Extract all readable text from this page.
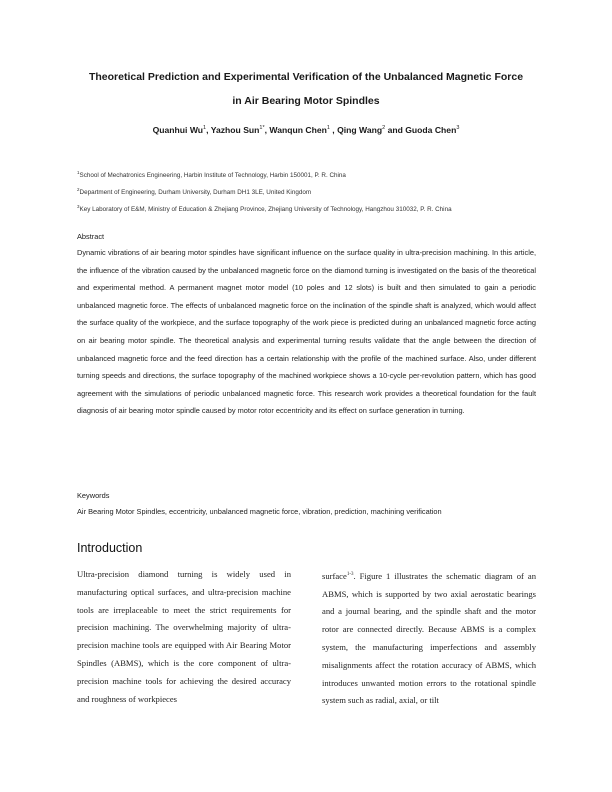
Theoretical Prediction and Experimental Verification of the Unbalanced Magnetic Force
in Air Bearing Motor Spindles
Quanhui Wu$^1$, Yazhou Sun$^{1*}$, Wanqun Chen$^1$ , Qing Wang$^2$ and Guoda Chen$^3$
$^1$School of Mechatronics Engineering, Harbin Institute of Technology, Harbin 150001, P. R. China
$^2$Department of Engineering, Durham University, Durham DH1 3LE, United Kingdom
$^3$Key Laboratory of E&M, Ministry of Education & Zhejiang Province, Zhejiang University of Technology, Hangzhou 310032, P. R. China
Abstract

Dynamic vibrations of air bearing motor spindles have significant influence on the surface quality in ultra-precision machining. In this article, the influence of the vibration caused by the unbalanced magnetic force on the diamond turning is investigated on the basis of the theoretical and experimental method. A permanent magnet motor model (10 poles and 12 slots) is built and then simulated to gain a periodic unbalanced magnetic force. The effects of unbalanced magnetic force on the inclination of the spindle shaft is analyzed, which would affect the surface quality of the workpiece, and the surface topography of the work piece is predicted during an unbalanced magnetic force acting on air bearing motor spindle. The theoretical analysis and experimental turning results validate that the angle between the direction of unbalanced magnetic force and the feed direction has a certain relationship with the profile of the machined surface. Also, under different turning speeds and directions, the surface topography of the machined workpiece shows a 10-cycle per-revolution pattern, which has good agreement with the simulations of periodic unbalanced magnetic force. This research work provides a theoretical foundation for the fault diagnosis of air bearing motor spindle caused by motor rotor eccentricity and its effect on surface generation in turning.

Keywords
Air Bearing Motor Spindles, eccentricity, unbalanced magnetic force, vibration, prediction, machining verification
Introduction

Ultra-precision diamond turning is widely used in manufacturing optical surfaces, and ultra-precision machine tools are irreplaceable to meet the strict requirements for precision machining. The overwhelming majority of ultra-precision machine tools are equipped with Air Bearing Motor Spindles (ABMS), which is the core component of ultra-precision machine tools for achieving the desired accuracy and roughness of workpieces

surface$^{1-3}$. Figure 1 illustrates the schematic diagram of an ABMS, which is supported by two axial aerostatic bearings and a journal bearing, and the spindle shaft and the motor rotor are connected directly. Because ABMS is a complex system, the manufacturing imperfections and assembly misalignments affect the rotation accuracy of ABMS, which introduces unwanted motion errors to the rotational spindle system such as radial, axial, or tilt
